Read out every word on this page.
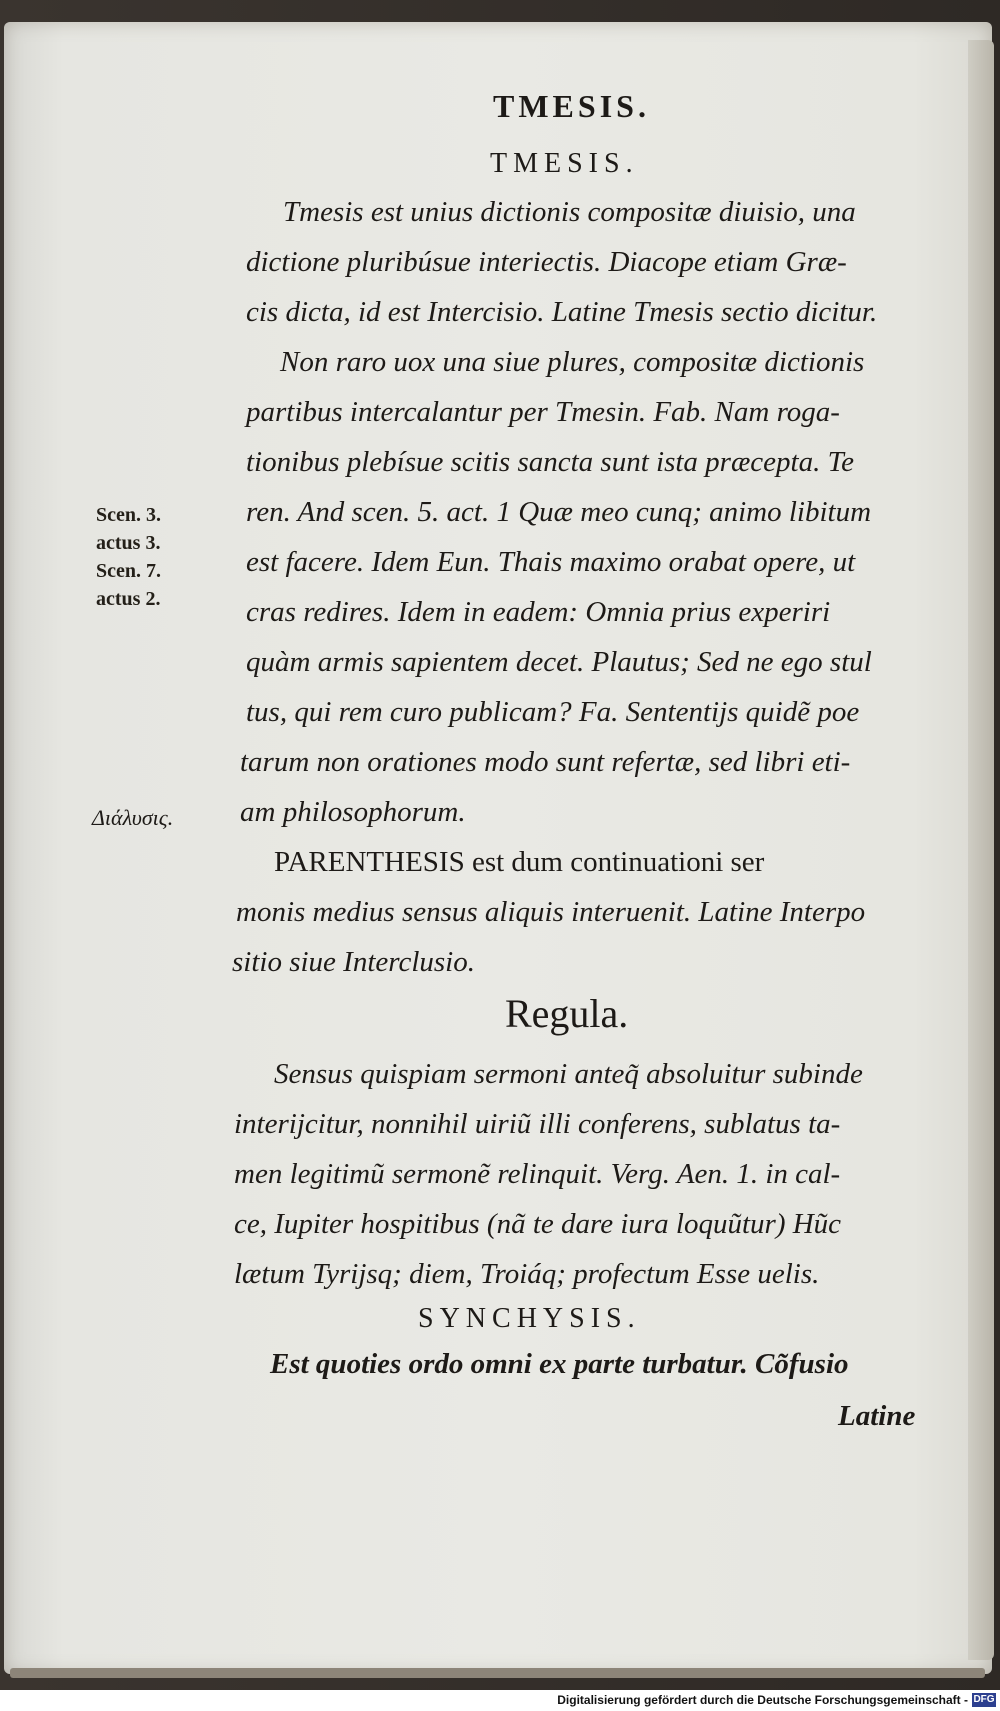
TMESIS.
TMESIS.
Tmesis est unius dictionis compositæ diuisio, una
dictione pluribúsue interiectis. Diacope etiam Græ-
cis dicta, id est Intercisio. Latine Tmesis sectio dicitur.
Non raro uox una siue plures, compositæ dictionis
partibus intercalantur per Tmesin. Fab. Nam roga-
tionibus plebísue scitis sancta sunt ista præcepta. Te
ren. And scen. 5. act. 1 Quæ meo cunq; animo libitum
est facere. Idem Eun. Thais maximo orabat opere, ut
cras redires. Idem in eadem: Omnia prius experiri
quàm armis sapientem decet. Plautus; Sed ne ego stul
tus, qui rem curo publicam? Fa. Sententijs quidẽ poe
tarum non orationes modo sunt refertæ, sed libri eti-
am philosophorum.
Scen. 3.
actus 3.
Scen. 7.
actus 2.
Διάλυσις.
PARENTHESIS est dum continuationi ser
monis medius sensus aliquis interuenit. Latine Interpo
sitio siue Interclusio.
Regula.
Sensus quispiam sermoni anteq̃ absoluitur subinde
interijcitur, nonnihil uiriũ illi conferens, sublatus ta-
men legitimũ sermonẽ relinquit. Verg. Aen. 1. in cal-
ce, Iupiter hospitibus (nã te dare iura loquũtur) Hũc
lætum Tyrijsq; diem, Troiáq; profectum Esse uelis.
SYNCHYSIS.
Est quoties ordo omni ex parte turbatur. Cõfusio
Latine
Digitalisierung gefördert durch die Deutsche Forschungsgemeinschaft - DFG
